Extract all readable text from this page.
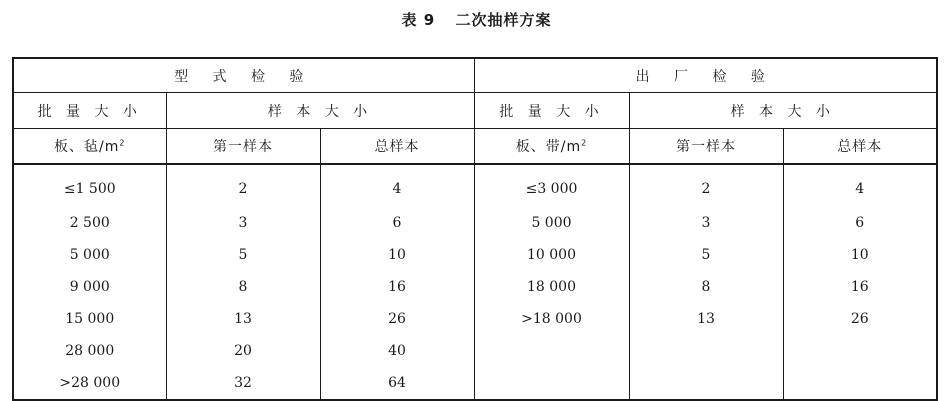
表 9 二次抽样方案
型 式 检 验			出 厂 检 验		
批 量 大 小	样 本 大 小		批 量 大 小	样 本 大 小	
板、毡$/m^2$	第一样本	总样本	板、带$/m^2$	第一样本	总样本
≤1 500	2	4	≤3 000	2	4
2 500	3	6	5 000	3	6
5 000	5	10	10 000	5	10
9 000	8	16	18 000	8	16
15 000	13	26	>18 000	13	26
28 000	20	40			
>28 000	32	64			
